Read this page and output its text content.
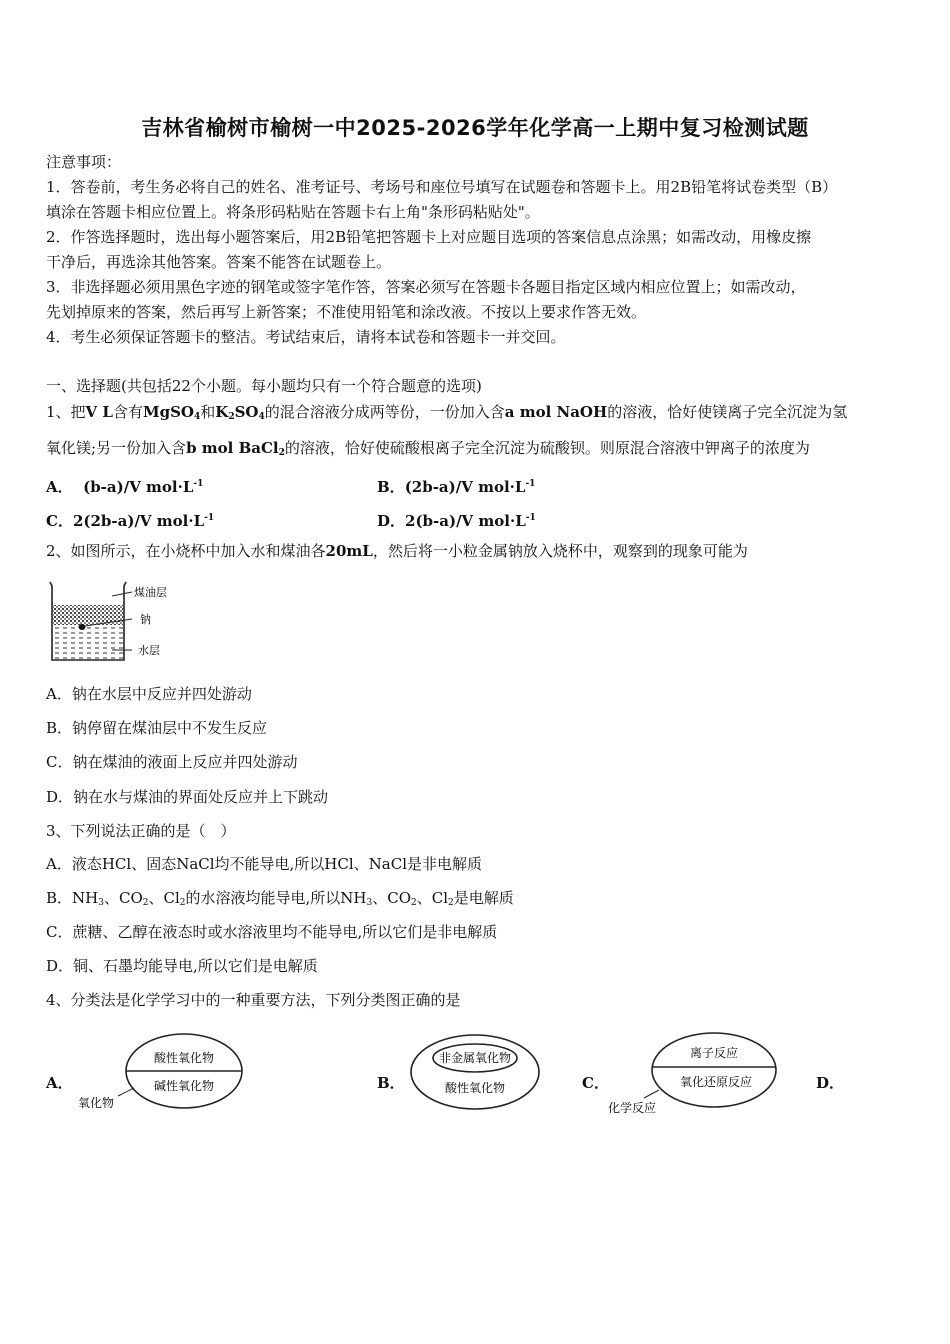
吉林省榆树市榆树一中2025-2026学年化学高一上期中复习检测试题
注意事项：
1．答卷前，考生务必将自己的姓名、准考证号、考场号和座位号填写在试题卷和答题卡上。用2B铅笔将试卷类型（B）
填涂在答题卡相应位置上。将条形码粘贴在答题卡右上角"条形码粘贴处"。
2．作答选择题时，选出每小题答案后，用2B铅笔把答题卡上对应题目选项的答案信息点涂黑；如需改动，用橡皮擦
干净后，再选涂其他答案。答案不能答在试题卷上。
3．非选择题必须用黑色字迹的钢笔或签字笔作答，答案必须写在答题卡各题目指定区域内相应位置上；如需改动，
先划掉原来的答案，然后再写上新答案；不准使用铅笔和涂改液。不按以上要求作答无效。
4．考生必须保证答题卡的整洁。考试结束后，请将本试卷和答题卡一并交回。
一、选择题(共包括22个小题。每小题均只有一个符合题意的选项)
1、把V L含有MgSO$_4$和$K_2SO_4$的混合溶液分成两等份，一份加入含a mol NaOH的溶液，恰好使镁离子完全沉淀为氢
氧化镁;另一份加入含b mol BaCl$_2$的溶液，恰好使硫酸根离子完全沉淀为硫酸钡。则原混合溶液中钾离子的浓度为
A． (b-a)/V $mol\cdot L^{-1}$	B．(2b-a)/V $mol\cdot L^{-1}$
C．2(2b-a)/V $mol\cdot L^{-1}$	D．2(b-a)/V $mol\cdot L^{-1}$
2、如图所示，在小烧杯中加入水和煤油各20mL，然后将一小粒金属钠放入烧杯中，观察到的现象可能为
煤油层
钠
水层
A．钠在水层中反应并四处游动
B．钠停留在煤油层中不发生反应
C．钠在煤油的液面上反应并四处游动
D．钠在水与煤油的界面处反应并上下跳动
3、下列说法正确的是（　）
A．液态HCl、固态NaCl均不能导电,所以HCl、NaCl是非电解质
B．$NH_3$、$CO_2$、$Cl_2$的水溶液均能导电,所以$NH_3$、$CO_2$、$Cl_2$是电解质
C．蔗糖、乙醇在液态时或水溶液里均不能导电,所以它们是非电解质
D．铜、石墨均能导电,所以它们是电解质
4、分类法是化学学习中的一种重要方法，下列分类图正确的是
A．
酸性氧化物
碱性氧化物
氧化物
B．
非金属氧化物
酸性氧化物	C．
离子反应
氧化还原反应
化学反应
D．
